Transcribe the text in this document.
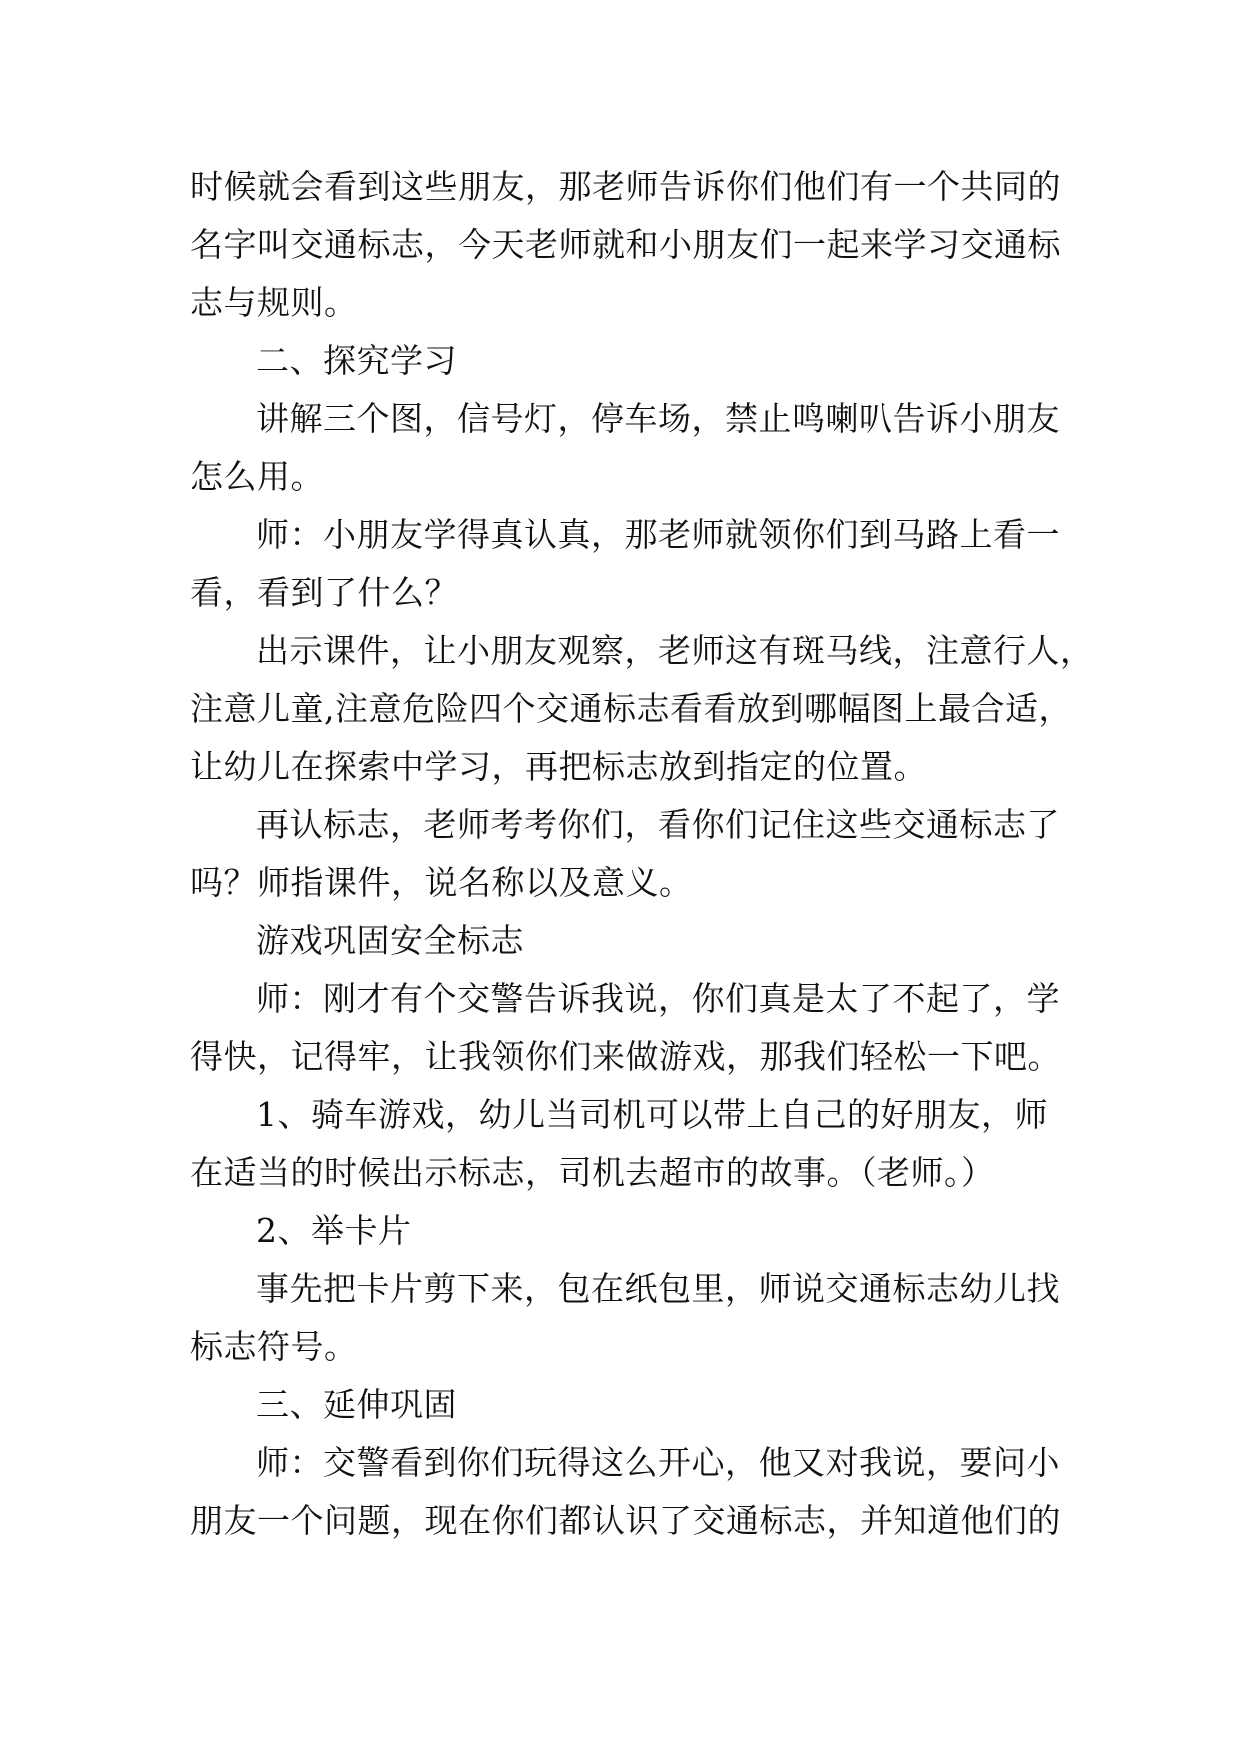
时候就会看到这些朋友，那老师告诉你们他们有一个共同的

名字叫交通标志，今天老师就和小朋友们一起来学习交通标

志与规则。

二、探究学习

讲解三个图，信号灯，停车场，禁止鸣喇叭告诉小朋友

怎么用。

师：小朋友学得真认真，那老师就领你们到马路上看一

看，看到了什么？

出示课件，让小朋友观察，老师这有斑马线，注意行人，

注意儿童,注意危险四个交通标志看看放到哪幅图上最合适，

让幼儿在探索中学习，再把标志放到指定的位置。

再认标志，老师考考你们，看你们记住这些交通标志了

吗？师指课件，说名称以及意义。

游戏巩固安全标志

师：刚才有个交警告诉我说，你们真是太了不起了，学

得快，记得牢，让我领你们来做游戏，那我们轻松一下吧。

1、骑车游戏，幼儿当司机可以带上自己的好朋友，师

在适当的时候出示标志，司机去超市的故事。（老师。）

2、举卡片

事先把卡片剪下来，包在纸包里，师说交通标志幼儿找

标志符号。

三、延伸巩固

师：交警看到你们玩得这么开心，他又对我说，要问小

朋友一个问题，现在你们都认识了交通标志，并知道他们的
